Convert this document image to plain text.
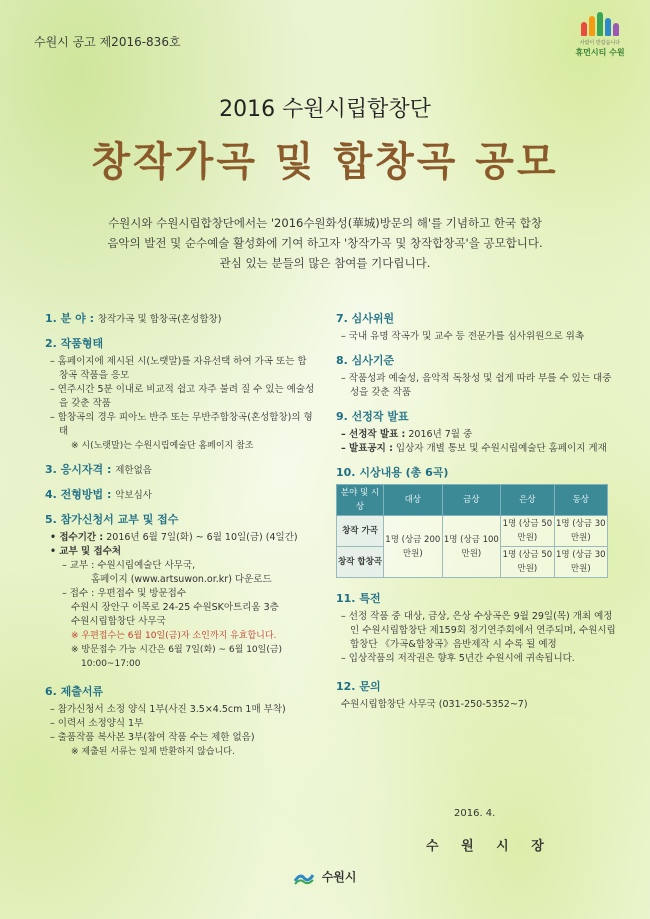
수원시 공고 제2016-836호	사람이 반갑습니다
휴먼시티 수원
2016 수원시립합창단
창작가곡 및 합창곡 공모
수원시와 수원시립합창단에서는 '2016수원화성(華城)방문의 해'를 기념하고 한국 합창
음악의 발전 및 순수예술 활성화에 기여 하고자 '창작가곡 및 창작합창곡'을 공모합니다.
관심 있는 분들의 많은 참여를 기다립니다.
1. 분 야 : 창작가곡 및 합창곡(혼성합창)
2. 작품형태
– 홈페이지에 제시된 시(노랫말)를 자유선택 하여 가곡 또는 합창곡 작품을 응모
– 연주시간 5분 이내로 비교적 쉽고 자주 불려 질 수 있는 예술성을 갖춘 작품
– 합창곡의 경우 피아노 반주 또는 무반주합창곡(혼성합창)의 형태
※ 시(노랫말)는 수원시립예술단 홈페이지 참조
3. 응시자격 : 제한없음
4. 전형방법 : 악보심사
5. 참가신청서 교부 및 접수
• 접수기간 : 2016년 6월 7일(화) ~ 6월 10일(금) (4일간)
• 교부 및 접수처
– 교부 : 수원시립예술단 사무국,
홈페이지 (www.artsuwon.or.kr) 다운로드
– 접수 : 우편접수 및 방문접수
수원시 장안구 이목로 24-25 수원SK아트리움 3층
수원시립합창단 사무국
※ 우편접수는 6월 10일(금)자 소인까지 유효합니다.
※ 방문접수 가능 시간은 6월 7일(화) ~ 6월 10일(금)
10:00~17:00
6. 제출서류
– 참가신청서 소정 양식 1부(사진 3.5×4.5cm 1매 부착)
– 이력서 소정양식 1부
– 출품작품 복사본 3부(참여 작품 수는 제한 없음)
※ 제출된 서류는 일체 반환하지 않습니다.
7. 심사위원
– 국내 유명 작곡가 및 교수 등 전문가를 심사위원으로 위촉
8. 심사기준
– 작품성과 예술성, 음악적 독창성 및 쉽게 따라 부를 수 있는 대중성을 갖춘 작품
9. 선정작 발표
– 선정작 발표 : 2016년 7월 중
– 발표공지 : 입상자 개별 통보 및 수원시립예술단 홈페이지 게재
10. 시상내용 (총 6곡)
분야 및 시상	대상	금상	은상	동상
창작 가곡	1명 (상금 200만원)	1명 (상금 100만원)	1명 (상금 50만원)	1명 (상금 30만원)
창작 합창곡			1명 (상금 50만원)	1명 (상금 30만원)
11. 특전
– 선정 작품 중 대상, 금상, 은상 수상곡은 9월 29일(목) 개최 예정인 수원시립합창단 제159회 정기연주회에서 연주되며, 수원시립합창단 《가곡&합창곡》음반제작 시 수록 될 예정
– 입상작품의 저작권은 향후 5년간 수원시에 귀속됩니다.
12. 문의
수원시립합창단 사무국 (031-250-5352~7)
2016. 4.
수 원 시 장
수원시
